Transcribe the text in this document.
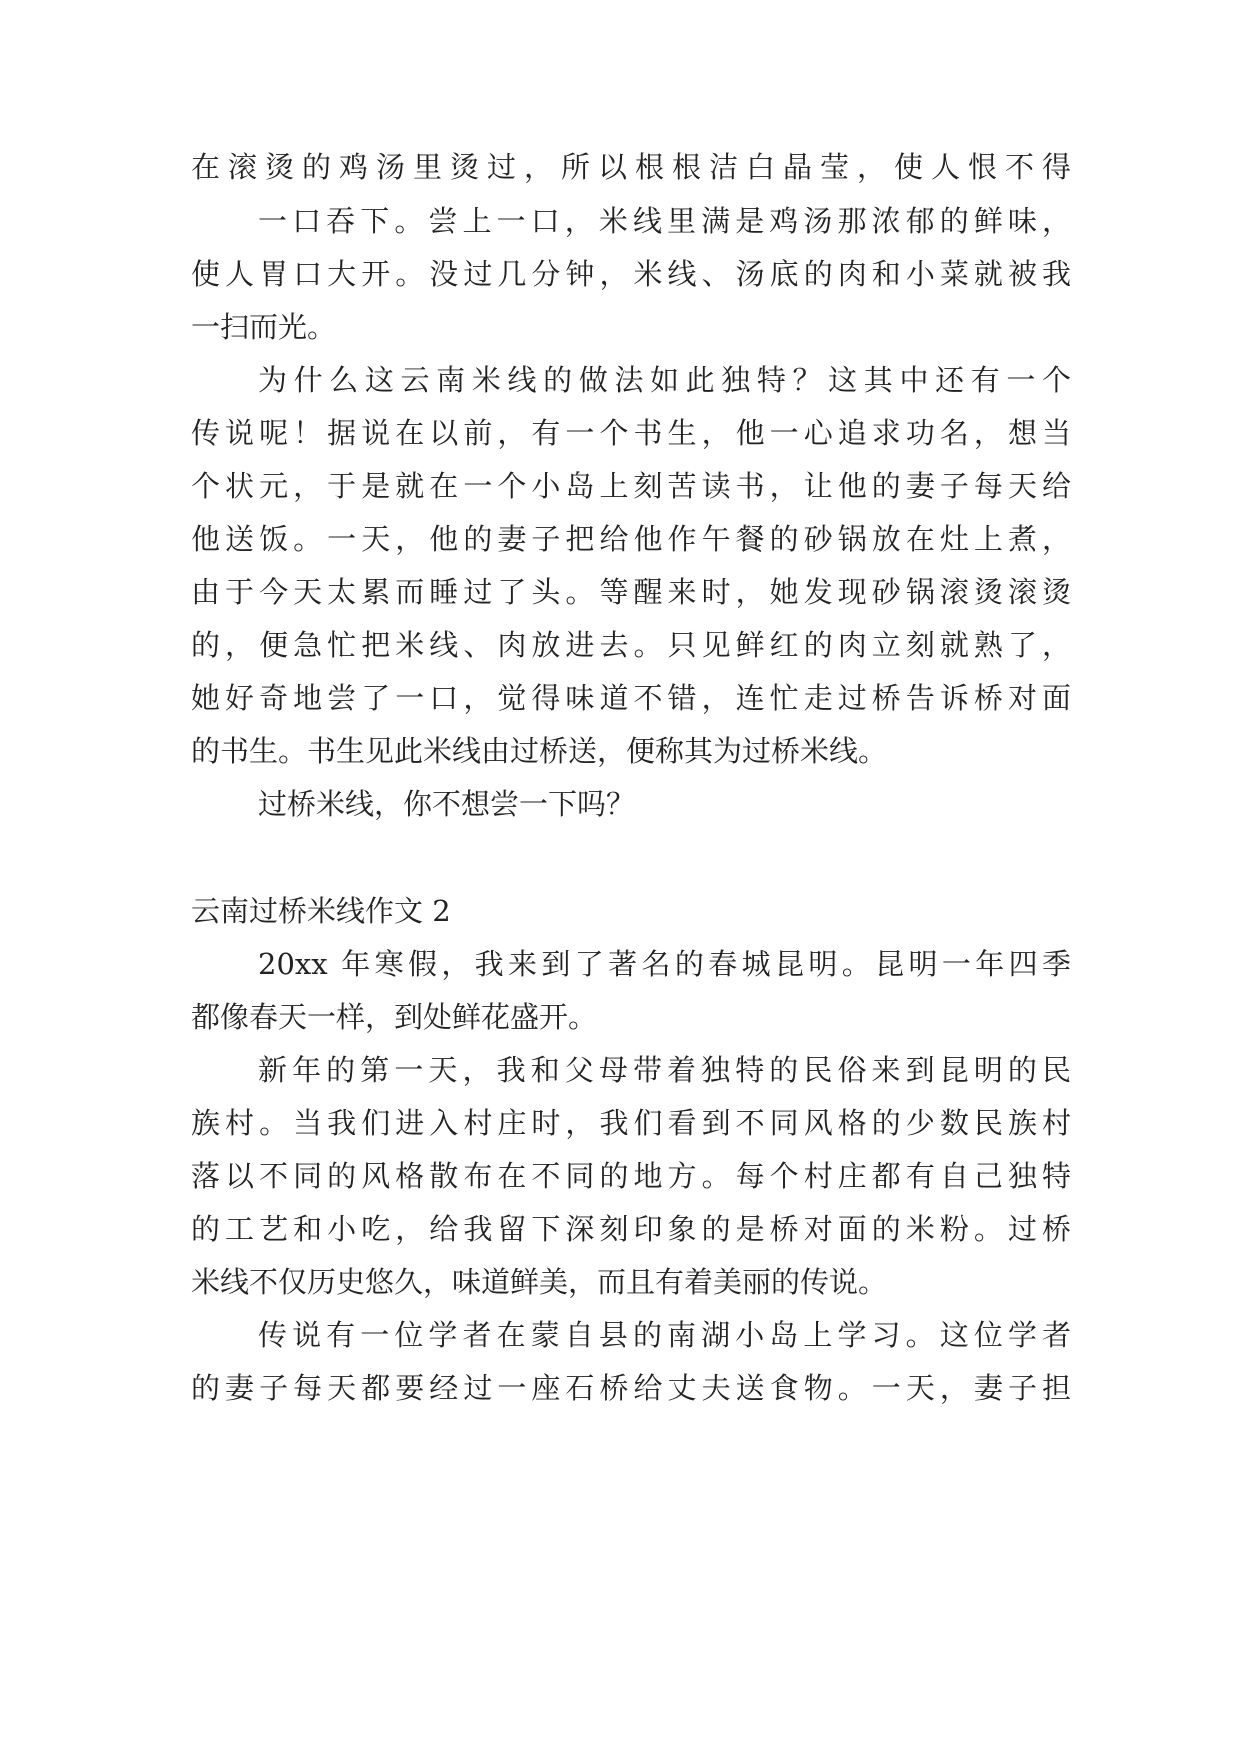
在滚烫的鸡汤里烫过，所以根根洁白晶莹，使人恨不得
一口吞下。尝上一口，米线里满是鸡汤那浓郁的鲜味，
使人胃口大开。没过几分钟，米线、汤底的肉和小菜就被我
一扫而光。
为什么这云南米线的做法如此独特？这其中还有一个
传说呢！据说在以前，有一个书生，他一心追求功名，想当
个状元，于是就在一个小岛上刻苦读书，让他的妻子每天给
他送饭。一天，他的妻子把给他作午餐的砂锅放在灶上煮，
由于今天太累而睡过了头。等醒来时，她发现砂锅滚烫滚烫
的，便急忙把米线、肉放进去。只见鲜红的肉立刻就熟了，
她好奇地尝了一口，觉得味道不错，连忙走过桥告诉桥对面
的书生。书生见此米线由过桥送，便称其为过桥米线。
过桥米线，你不想尝一下吗？
云南过桥米线作文 2
20xx 年寒假，我来到了著名的春城昆明。昆明一年四季
都像春天一样，到处鲜花盛开。
新年的第一天，我和父母带着独特的民俗来到昆明的民
族村。当我们进入村庄时，我们看到不同风格的少数民族村
落以不同的风格散布在不同的地方。每个村庄都有自己独特
的工艺和小吃，给我留下深刻印象的是桥对面的米粉。过桥
米线不仅历史悠久，味道鲜美，而且有着美丽的传说。
传说有一位学者在蒙自县的南湖小岛上学习。这位学者
的妻子每天都要经过一座石桥给丈夫送食物。一天，妻子担
